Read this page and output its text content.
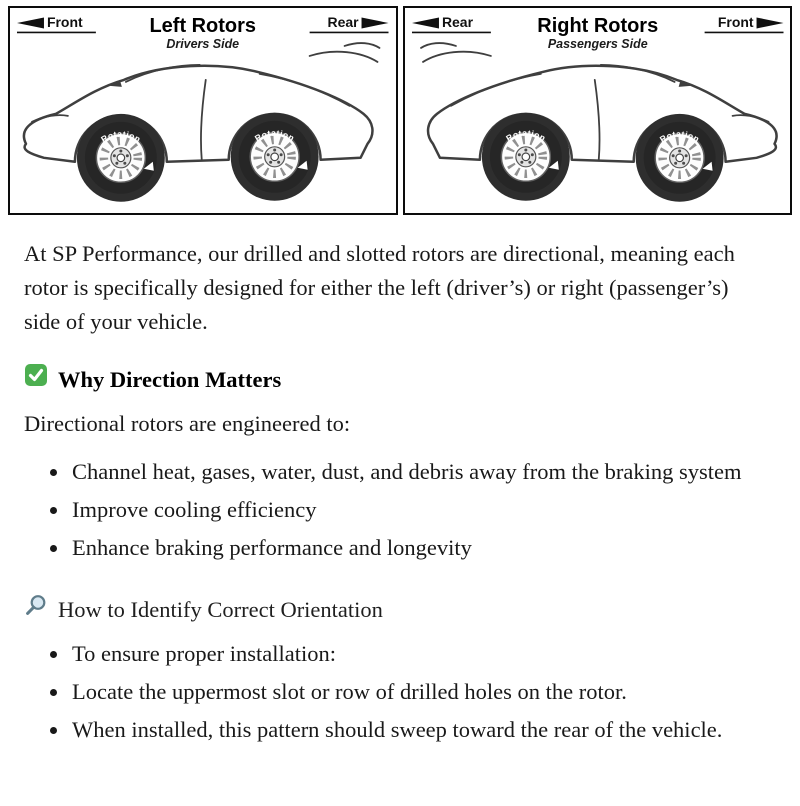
Front	Rear
Left Rotors
Drivers Side
Rotation	Rotation
Rear	Front
Right Rotors
Passengers Side
Rotation	Rotation

At SP Performance, our drilled and slotted rotors are directional, meaning each rotor is specifically designed for either the left (driver’s) or right (passenger’s) side of your vehicle.

Why Direction Matters

Directional rotors are engineered to:

• Channel heat, gases, water, dust, and debris away from the braking system
• Improve cooling efficiency
• Enhance braking performance and longevity
How to Identify Correct Orientation
• To ensure proper installation:
• Locate the uppermost slot or row of drilled holes on the rotor.
• When installed, this pattern should sweep toward the rear of the vehicle.
